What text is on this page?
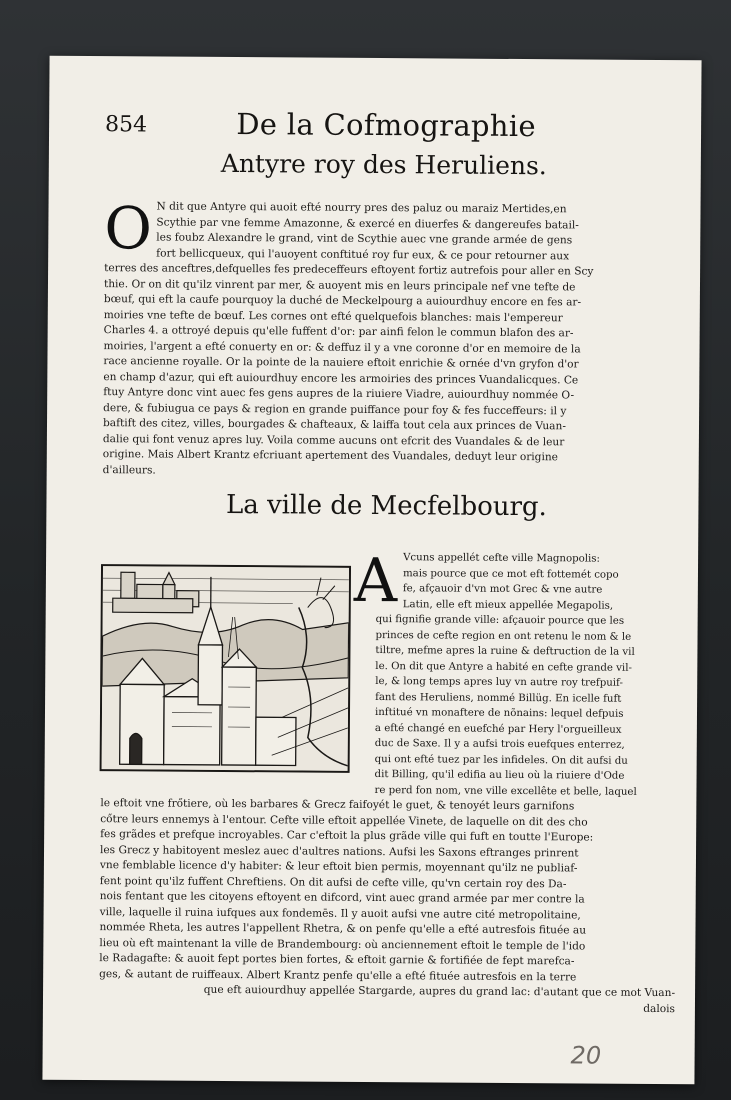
854	De la Cofmographie
Antyre roy des Heruliens.
O N dit que Antyre qui auoit efté nourry pres des paluz ou maraiz Mertides,en
Scythie par vne femme Amazonne, & exercé en diuerfes & dangereufes batail-
les foubz Alexandre le grand, vint de Scythie auec vne grande armée de gens
fort bellicqueux, qui l'auoyent conftitué roy fur eux, & ce pour retourner aux
terres des anceftres,defquelles fes predeceffeurs eftoyent fortiz autrefois pour aller en Scy
thie. Or on dit qu'ilz vinrent par mer, & auoyent mis en leurs principale nef vne tefte de
bœuf, qui eft la caufe pourquoy la duché de Meckelpourg a auiourdhuy encore en fes ar-
moiries vne tefte de bœuf. Les cornes ont efté quelquefois blanches: mais l'empereur
Charles 4. a ottroyé depuis qu'elle fuffent d'or: par ainfi felon le commun blafon des ar-
moiries, l'argent a efté conuerty en or: & deffuz il y a vne coronne d'or en memoire de la
race ancienne royalle. Or la pointe de la nauiere eftoit enrichie & ornée d'vn gryfon d'or
en champ d'azur, qui eft auiourdhuy encore les armoiries des princes Vuandalicques. Ce
ftuy Antyre donc vint auec fes gens aupres de la riuiere Viadre, auiourdhuy nommée O-
dere, & fubiugua ce pays & region en grande puiffance pour foy & fes fucceffeurs: il y
baftift des citez, villes, bourgades & chafteaux, & laiffa tout cela aux princes de Vuan-
dalie qui font venuz apres luy. Voila comme aucuns ont efcrit des Vuandales & de leur
origine. Mais Albert Krantz efcriuant apertement des Vuandales, deduyt leur origine
d'ailleurs.
La ville de Mecfelbourg.
A Vcuns appellét cefte ville Magnopolis:
mais pource que ce mot eft fottemét copo
fe, afçauoir d'vn mot Grec & vne autre
Latin, elle eft mieux appellée Megapolis,
qui fignifie grande ville: afçauoir pource que les
princes de cefte region en ont retenu le nom & le
tiltre, mefme apres la ruine & deftruction de la vil
le. On dit que Antyre a habité en cefte grande vil-
le, & long temps apres luy vn autre roy trefpuif-
fant des Heruliens, nommé Billüg. En icelle fuft
inftitué vn monaftere de nõnains: lequel defpuis
a efté changé en euefché par Hery l'orgueilleux
duc de Saxe. Il y a aufsi trois euefques enterrez,
qui ont efté tuez par les infideles. On dit aufsi du
dit Billing, qu'il edifia au lieu où la riuiere d'Ode
re perd fon nom, vne ville excellête et belle, laquel
le eftoit vne frőtiere, où les barbares & Grecz faifoyét le guet, & tenoyét leurs garnifons
cőtre leurs ennemys à l'entour. Cefte ville eftoit appellée Vinete, de laquelle on dit des cho
fes grãdes et prefque incroyables. Car c'eftoit la plus grãde ville qui fuft en toutte l'Europe:
les Grecz y habitoyent meslez auec d'aultres nations. Aufsi les Saxons eftranges prinrent
vne femblable licence d'y habiter: & leur eftoit bien permis, moyennant qu'ilz ne publiaf-
fent point qu'ilz fuffent Chreftiens. On dit aufsi de cefte ville, qu'vn certain roy des Da-
nois fentant que les citoyens eftoyent en difcord, vint auec grand armée par mer contre la
ville, laquelle il ruina iufques aux fondemēs. Il y auoit aufsi vne autre cité metropolitaine,
nommée Rheta, les autres l'appellent Rhetra, & on penfe qu'elle a efté autresfois fituée au
lieu où eft maintenant la ville de Brandembourg: où anciennement eftoit le temple de l'ido
le Radagafte: & auoit fept portes bien fortes, & eftoit garnie & fortifiée de fept marefca-
ges, & autant de ruiffeaux. Albert Krantz penfe qu'elle a efté fituée autresfois en la terre
que eft auiourdhuy appellée Stargarde, aupres du grand lac: d'autant que ce mot Vuan-
dalois
20
